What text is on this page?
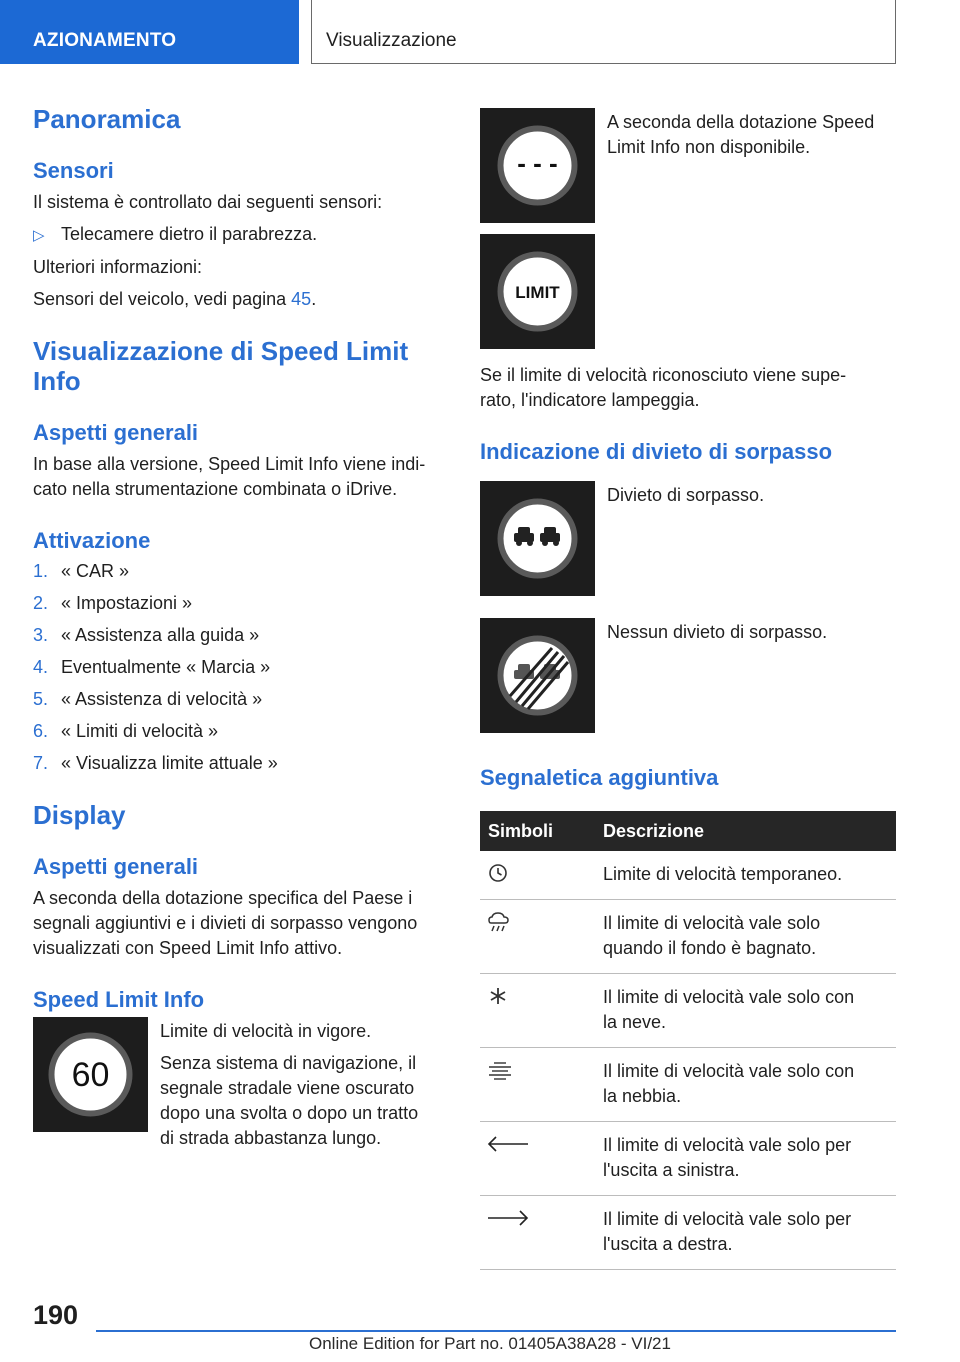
AZIONAMENTO	Visualizzazione
Panoramica
Sensori

Il sistema è controllato dai seguenti sensori:

▷ Telecamere dietro il parabrezza.

Ulteriori informazioni:

Sensori del veicolo, vedi pagina 45.

Visualizzazione di Speed Limit
Info
Aspetti generali

In base alla versione, Speed Limit Info viene indi-
cato nella strumentazione combinata o iDrive.

Attivazione
1. « CAR »
2. « Impostazioni »
3. « Assistenza alla guida »
4. Eventualmente « Marcia »
5. « Assistenza di velocità »
6. « Limiti di velocità »
7. « Visualizza limite attuale »
Display
Aspetti generali

A seconda della dotazione specifica del Paese i
segnali aggiuntivi e i divieti di sorpasso vengono
visualizzati con Speed Limit Info attivo.

Speed Limit Info
60

Limite di velocità in vigore.

Senza sistema di navigazione, il
segnale stradale viene oscurato
dopo una svolta o dopo un tratto
di strada abbastanza lungo.

- - -

A seconda della dotazione Speed
Limit Info non disponibile.

LIMIT

Se il limite di velocità riconosciuto viene supe-
rato, l'indicatore lampeggia.

Indicazione di divieto di sorpasso

Divieto di sorpasso.

Nessun divieto di sorpasso.

Segnaletica aggiuntiva
Simboli	Descrizione

	Limite di velocità temporaneo.

	Il limite di velocità vale solo
quando il fondo è bagnato.

	Il limite di velocità vale solo con
la neve.

	Il limite di velocità vale solo con
la nebbia.

	Il limite di velocità vale solo per
l'uscita a sinistra.

	Il limite di velocità vale solo per
l'uscita a destra.
190
Online Edition for Part no. 01405A38A28 - VI/21
